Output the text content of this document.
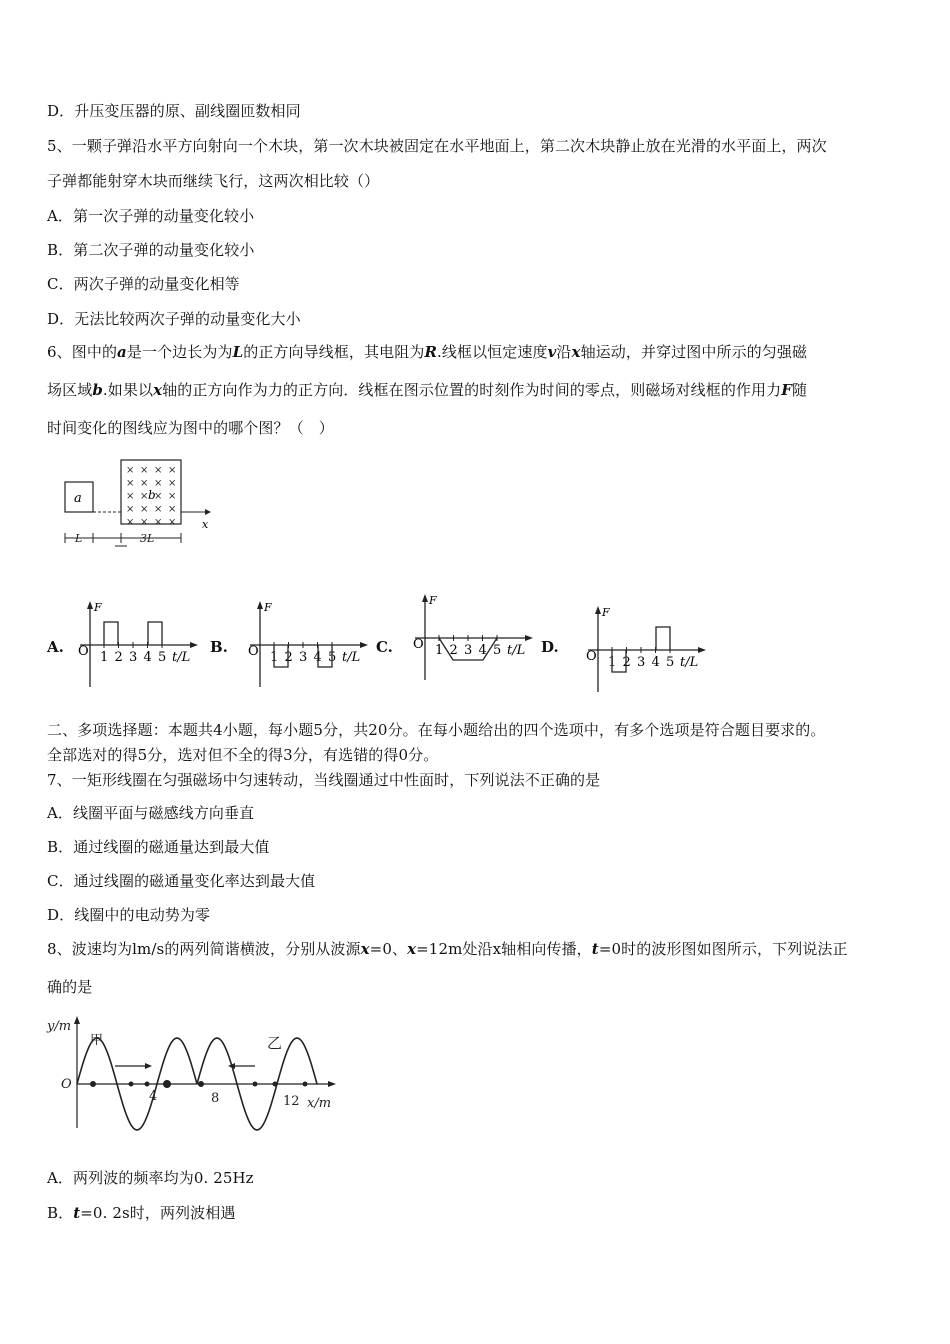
D．升压变压器的原、副线圈匝数相同
5、一颗子弹沿水平方向射向一个木块，第一次木块被固定在水平地面上，第二次木块静止放在光滑的水平面上，两次
子弹都能射穿木块而继续飞行，这两次相比较（）
A．第一次子弹的动量变化较小
B．第二次子弹的动量变化较小
C．两次子弹的动量变化相等
D．无法比较两次子弹的动量变化大小
6、图中的a是一个边长为为L的正方向导线框，其电阻为R.线框以恒定速度v沿x轴运动，并穿过图中所示的匀强磁
场区域b.如果以x轴的正方向作为力的正方向．线框在图示位置的时刻作为时间的零点，则磁场对线框的作用力F随
时间变化的图线应为图中的哪个图？（　）
a
× × × ×
× × × ×
× × × ×
× × × ×
× × × ×
b
x
L	3L
A.	B.	C.	D.
F
O 1 2 3 4 5 t/L
F
O 1 2 3 4 5 t/L
F
O 1 2 3 4 5 t/L
F
O 1 2 3 4 5 t/L
二、多项选择题：本题共4小题，每小题5分，共20分。在每小题给出的四个选项中，有多个选项是符合题目要求的。
全部选对的得5分，选对但不全的得3分，有选错的得0分。
7、一矩形线圈在匀强磁场中匀速转动，当线圈通过中性面时，下列说法不正确的是
A．线圈平面与磁感线方向垂直
B．通过线圈的磁通量达到最大值
C．通过线圈的磁通量变化率达到最大值
D．线圈中的电动势为零
8、波速均为lm/s的两列简谐横波，分别从波源x=0、x=12m处沿x轴相向传播，t=0时的波形图如图所示，下列说法正
确的是
y/m
O
甲	乙
4	8	12 x/m
A．两列波的频率均为0. 25Hz
B．t=0. 2s时，两列波相遇
